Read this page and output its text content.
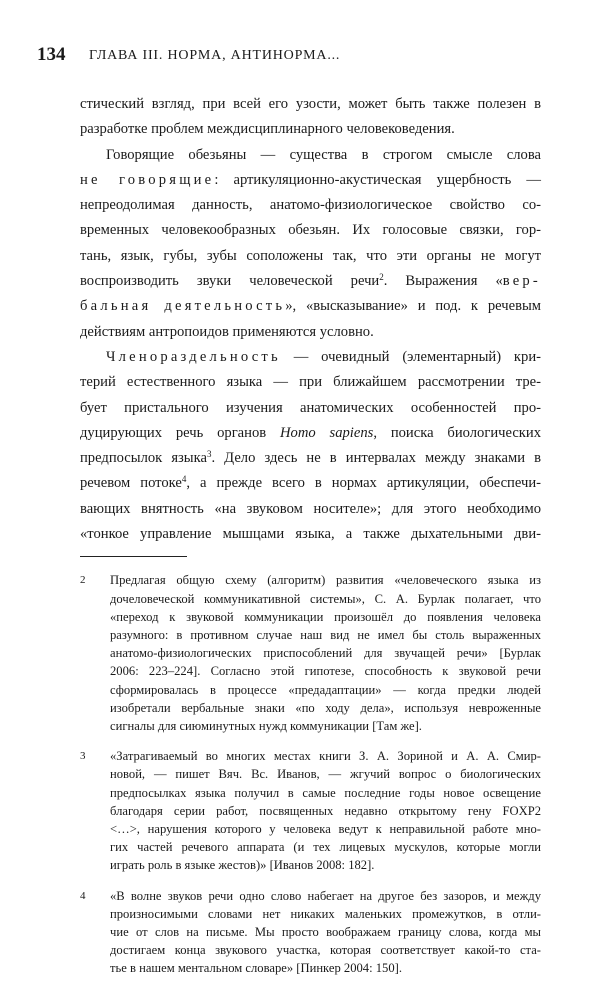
134 ГЛАВА III. НОРМА, АНТИНОРМА...

стический взгляд, при всей его узости, может быть также полезен в

разработке проблем междисциплинарного человековедения.

Говорящие обезьяны — существа в строгом смысле слова

не говорящие: артикуляционно-акустическая ущербность —

непреодолимая данность, анатомо-физиологическое свойство со-

временных человекообразных обезьян. Их голосовые связки, гор-

тань, язык, губы, зубы соположены так, что эти органы не могут

воспроизводить звуки человеческой речи$^2$. Выражения «вер-

бальная деятельность», «высказывание» и под. к речевым

действиям антропоидов применяются условно.

Членораздельность — очевидный (элементарный) кри-

терий естественного языка — при ближайшем рассмотрении тре-

бует пристального изучения анатомических особенностей про-

дуцирующих речь органов Homo sapiens, поиска биологических

предпосылок языка$^3$. Дело здесь не в интервалах между знаками в

речевом потоке$^4$, а прежде всего в нормах артикуляции, обеспечи-

вающих внятность «на звуковом носителе»; для этого необходимо

«тонкое управление мышцами языка, а также дыхательными дви-

2	Предлагая общую схему (алгоритм) развития «человеческого языка из

дочеловеческой коммуникативной системы», С. А. Бурлак полагает, что

«переход к звуковой коммуникации произошёл до появления человека

разумного: в противном случае наш вид не имел бы столь выраженных

анатомо-физиологических приспособлений для звучащей речи» [Бурлак

2006: 223–224]. Согласно этой гипотезе, способность к звуковой речи

сформировалась в процессе «предадаптации» — когда предки людей

изобретали вербальные знаки «по ходу дела», используя невроженные

сигналы для сиюминутных нужд коммуникации [Там же].

3	«Затрагиваемый во многих местах книги З. А. Зориной и А. А. Смир-

новой, — пишет Вяч. Вс. Иванов, — жгучий вопрос о биологических

предпосылках языка получил в самые последние годы новое освещение

благодаря серии работ, посвященных недавно открытому гену FOXP2

<…>, нарушения которого у человека ведут к неправильной работе мно-

гих частей речевого аппарата (и тех лицевых мускулов, которые могли

играть роль в языке жестов)» [Иванов 2008: 182].

4	«В волне звуков речи одно слово набегает на другое без зазоров, и между

произносимыми словами нет никаких маленьких промежутков, в отли-

чие от слов на письме. Мы просто воображаем границу слова, когда мы

достигаем конца звукового участка, которая соответствует какой-то ста-

тье в нашем ментальном словаре» [Пинкер 2004: 150].
